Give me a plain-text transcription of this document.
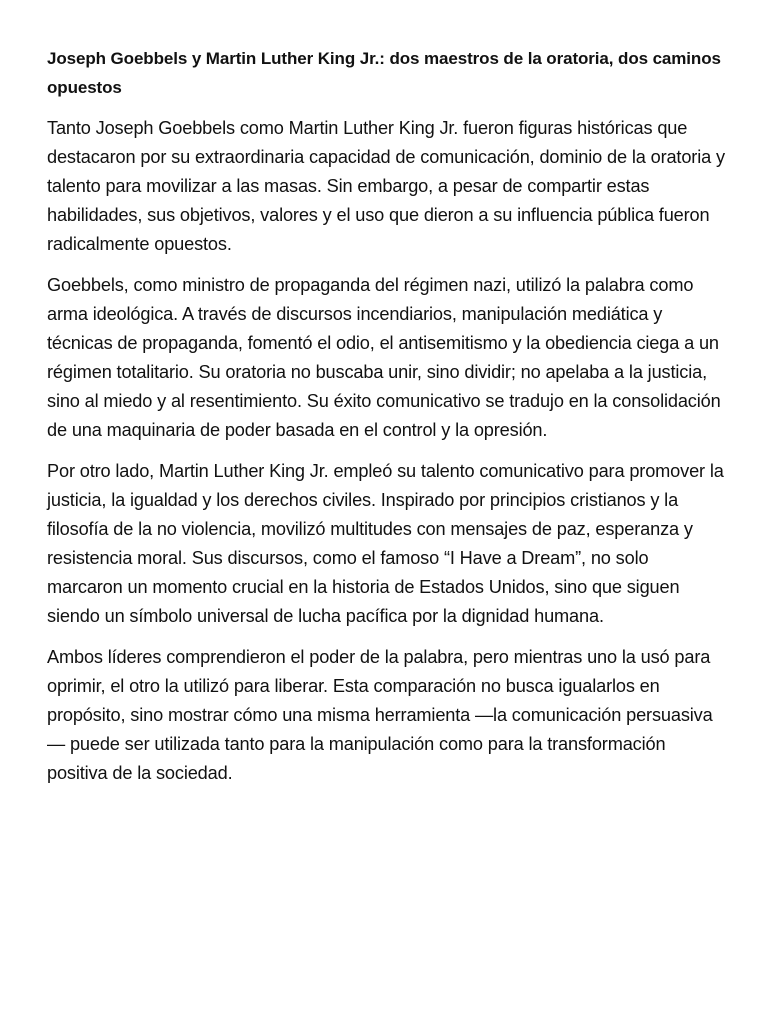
Joseph Goebbels y Martin Luther King Jr.: dos maestros de la oratoria, dos caminos opuestos

Tanto Joseph Goebbels como Martin Luther King Jr. fueron figuras históricas que destacaron por su extraordinaria capacidad de comunicación, dominio de la oratoria y talento para movilizar a las masas. Sin embargo, a pesar de compartir estas habilidades, sus objetivos, valores y el uso que dieron a su influencia pública fueron radicalmente opuestos.

Goebbels, como ministro de propaganda del régimen nazi, utilizó la palabra como arma ideológica. A través de discursos incendiarios, manipulación mediática y técnicas de propaganda, fomentó el odio, el antisemitismo y la obediencia ciega a un régimen totalitario. Su oratoria no buscaba unir, sino dividir; no apelaba a la justicia, sino al miedo y al resentimiento. Su éxito comunicativo se tradujo en la consolidación de una maquinaria de poder basada en el control y la opresión.

Por otro lado, Martin Luther King Jr. empleó su talento comunicativo para promover la justicia, la igualdad y los derechos civiles. Inspirado por principios cristianos y la filosofía de la no violencia, movilizó multitudes con mensajes de paz, esperanza y resistencia moral. Sus discursos, como el famoso “I Have a Dream”, no solo marcaron un momento crucial en la historia de Estados Unidos, sino que siguen siendo un símbolo universal de lucha pacífica por la dignidad humana.

Ambos líderes comprendieron el poder de la palabra, pero mientras uno la usó para oprimir, el otro la utilizó para liberar. Esta comparación no busca igualarlos en propósito, sino mostrar cómo una misma herramienta —la comunicación persuasiva— puede ser utilizada tanto para la manipulación como para la transformación positiva de la sociedad.
